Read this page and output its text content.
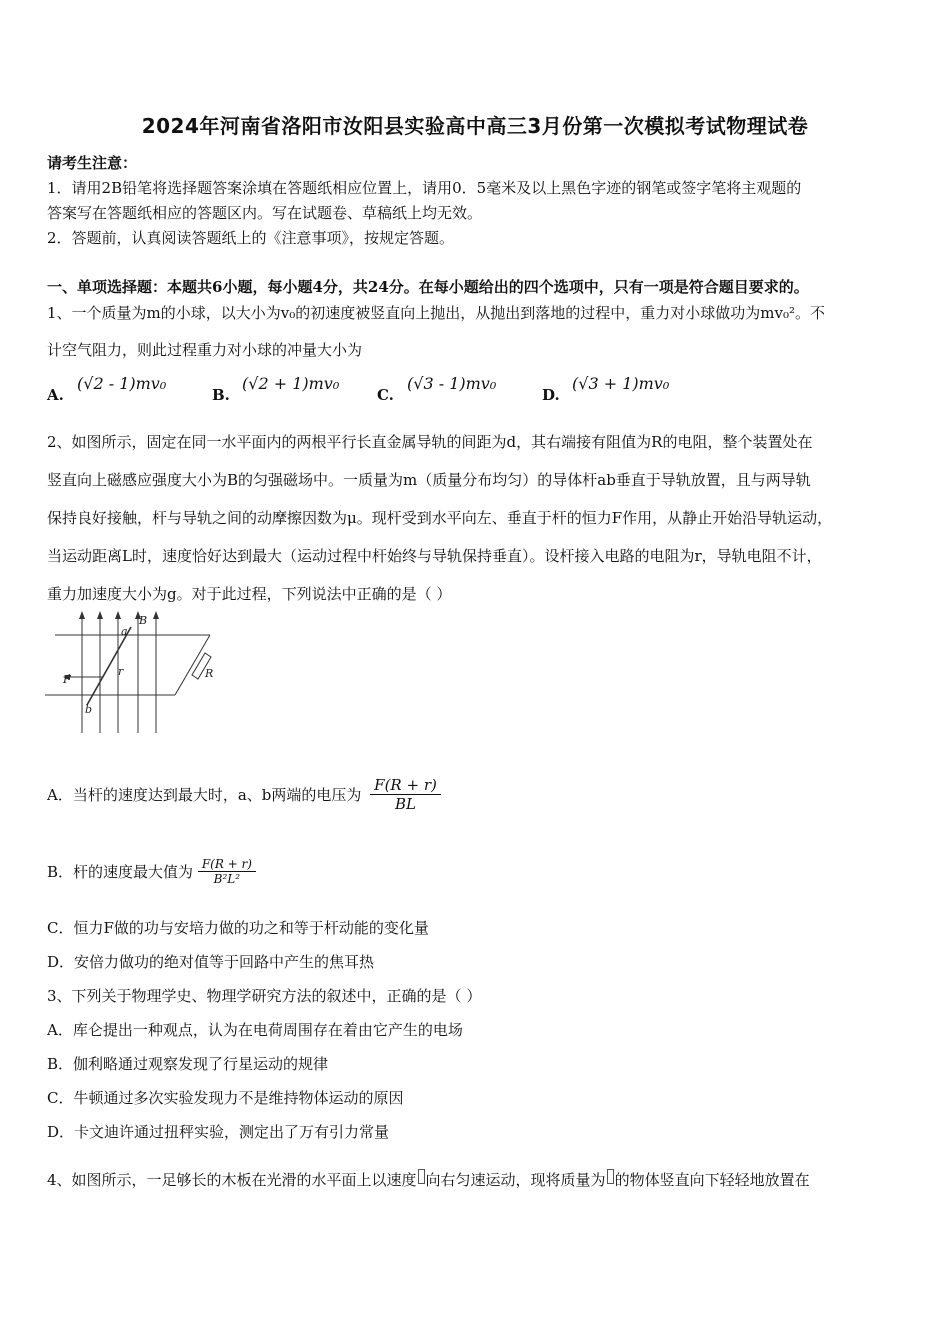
2024年河南省洛阳市汝阳县实验高中高三3月份第一次模拟考试物理试卷
请考生注意：
1．请用2B铅笔将选择题答案涂填在答题纸相应位置上，请用0．5毫米及以上黑色字迹的钢笔或签字笔将主观题的
答案写在答题纸相应的答题区内。写在试题卷、草稿纸上均无效。
2．答题前，认真阅读答题纸上的《注意事项》，按规定答题。
一、单项选择题：本题共6小题，每小题4分，共24分。在每小题给出的四个选项中，只有一项是符合题目要求的。
1、一个质量为m的小球，以大小为v₀的初速度被竖直向上抛出，从抛出到落地的过程中，重力对小球做功为mv₀²。不
计空气阻力，则此过程重力对小球的冲量大小为
A.
(√2 - 1)mv₀
B.
(√2 + 1)mv₀
C.
(√3 - 1)mv₀
D.
(√3 + 1)mv₀
2、如图所示，固定在同一水平面内的两根平行长直金属导轨的间距为d，其右端接有阻值为R的电阻，整个装置处在
竖直向上磁感应强度大小为B的匀强磁场中。一质量为m（质量分布均匀）的导体杆ab垂直于导轨放置，且与两导轨
保持良好接触，杆与导轨之间的动摩擦因数为μ。现杆受到水平向左、垂直于杆的恒力F作用，从静止开始沿导轨运动，
当运动距离L时，速度恰好达到最大（运动过程中杆始终与导轨保持垂直）。设杆接入电路的电阻为r，导轨电阻不计，
重力加速度大小为g。对于此过程，下列说法中正确的是（ ）
a
B
F
r
b
R
A．当杆的速度达到最大时，a、b两端的电压为 $\frac{F(R + r)}{BL}$
B．杆的速度最大值为 $\frac{F(R + r)}{\text{B²L²}}$
C．恒力F做的功与安培力做的功之和等于杆动能的变化量
D．安倍力做功的绝对值等于回路中产生的焦耳热
3、下列关于物理学史、物理学研究方法的叙述中，正确的是（ ）
A．库仑提出一种观点，认为在电荷周围存在着由它产生的电场
B．伽利略通过观察发现了行星运动的规律
C．牛顿通过多次实验发现力不是维持物体运动的原因
D．卡文迪许通过扭秤实验，测定出了万有引力常量
4、如图所示，一足够长的木板在光滑的水平面上以速度 向右匀速运动，现将质量为 的物体竖直向下轻轻地放置在
